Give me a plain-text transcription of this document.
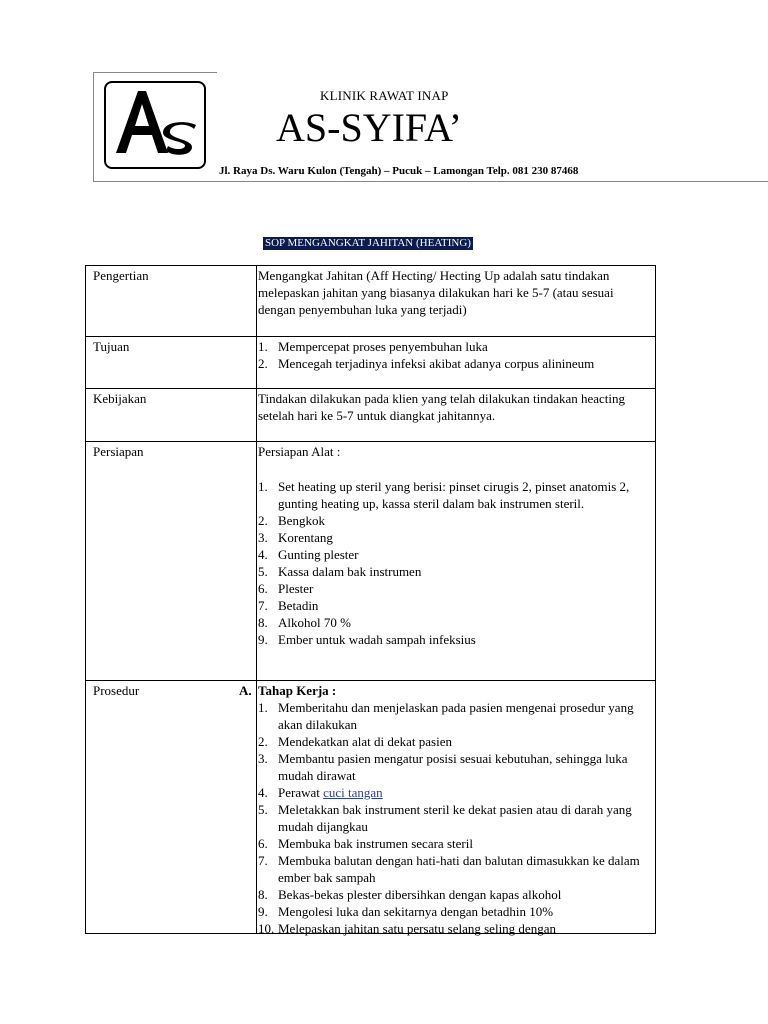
AS
KLINIK RAWAT INAP
AS-SYIFA’
Jl. Raya Ds. Waru Kulon (Tengah) – Pucuk – Lamongan Telp. 081 230 87468
SOP MENGANGKAT JAHITAN (HEATING)
Pengertian	Mengangkat Jahitan (Aff Hecting/ Hecting Up adalah satu tindakan melepaskan jahitan yang biasanya dilakukan hari ke 5-7 (atau sesuai dengan penyembuhan luka yang terjadi)

Tujuan	1. Mempercepat proses penyembuhan luka
2. Mencegah terjadinya infeksi akibat adanya corpus alinineum
Kebijakan	Tindakan dilakukan pada klien yang telah dilakukan tindakan heacting setelah hari ke 5-7 untuk diangkat jahitannya.

Persiapan	Persiapan Alat :

1. Set heating up steril yang berisi: pinset cirugis 2, pinset anatomis 2, gunting heating up, kassa steril dalam bak instrumen steril.
2. Bengkok
3. Korentang
4. Gunting plester
5. Kassa dalam bak instrumen
6. Plester
7. Betadin
8. Alkohol 70 %
9. Ember untuk wadah sampah infeksius
Prosedur	A. Tahap Kerja :

1. Memberitahu dan menjelaskan pada pasien mengenai prosedur yang akan dilakukan
2. Mendekatkan alat di dekat pasien
3. Membantu pasien mengatur posisi sesuai kebutuhan, sehingga luka mudah dirawat
4. Perawat cuci tangan
5. Meletakkan bak instrument steril ke dekat pasien atau di darah yang mudah dijangkau
6. Membuka bak instrumen secara steril
7. Membuka balutan dengan hati-hati dan balutan dimasukkan ke dalam ember bak sampah
8. Bekas-bekas plester dibersihkan dengan kapas alkohol
9. Mengolesi luka dan sekitarnya dengan betadhin 10%
10. Melepaskan jahitan satu persatu selang seling dengan
